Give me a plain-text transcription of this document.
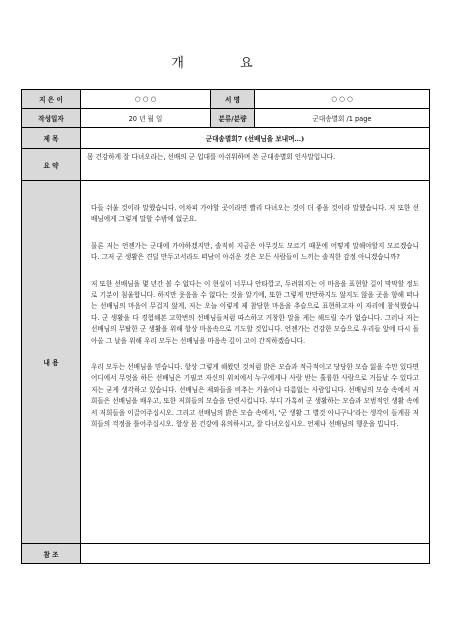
개 요
지 은 이	○ ○ ○	서 명	○ ○ ○
작성일자	20 년 월 일	분류/분량	군대송별회 /1 page
제 목	군대송별회7 (선배님을 보내며…)		
요 약	몸 건강하게 잘 다녀오라는, 선배의 군 입대를 아쉬워하며 쓴 군대송별회 인사말입니다.		
내 용	다들 쉬울 것이라 말했습니다. 어차피 가야할 곳이라면 빨리 다녀오는 것이 더 좋을 것이라 말했습니다. 저 또한 선배님에게 그렇게 말할 수밖에 없군요.

물론 저는 언젠가는 군대에 가야하겠지만, 솔직히 지금은 아무것도 모르기 때문에 어떻게 말해야할지 모르겠습니다. 그저 군 생활은 견딜 만두고서라도 떠남이 아쉬운 것은 모든 사람들이 느끼는 솔직한 감정 아니겠습니까?

저 또한 선배님을 몇 년간 볼 수 없다는 이 현실이 너무나 안타깝고, 두려워지는 이 마음을 표현할 길이 막막할 정도로 기분이 침울합니다. 하지만 웃음을 수 없다는 것을 알기에, 또한 그렇게 만만하지도 않지도 않을 곳을 향해 떠나는 선배님의 마음이 무겁지 않게, 저는 오늘 이렇게 제 참담한 마음을 추슬으로 표현하고자 이 자리에 참석했습니다. 군 생활을 다 경험해본 고학번의 선배님들처럼 따스하고 거창한 말을 게는 해드릴 수가 없습니다. 그러나 저는 선배님의 무탈한 군 생활을 위해 항상 마음속으로 기도할 것입니다. 언젠가는 건강한 모습으로 우리들 앞에 다시 돌아올 그 날을 위해 우리 모두는 선배님을 마음속 깊이 고이 간직하겠습니다.

우리 모두는 선배님을 믿습니다. 항상 그렇게 해왔던 것처럼 밝은 모습과 적극적이고 당당한 모습 잃을 수만 있다면 어디에서 무엇을 하든 선배님은 기필코 자신의 위치에서 누구에게나 사랑 받는 훌륭한 사람으로 거듭날 수 있다고 저는 굳게 생각하고 있습니다. 선배님은 제와들을 비추는 거울이나 다름없는 사람입니다. 선배님의 모습 속에서 저희들은 선배님을 배우고, 또한 저희들의 모습을 단련시킵니다. 부디 가혹히 군 생활하는 모습과 모범적인 생활 속에서 저희들을 이끌어주십시오. 그리고 선배님의 밝은 모습 속에서, '군 생활 그 별것 아니구나'라는 생각이 들게끔 저희들의 걱정을 틀어주십시오. 항상 몸 건강에 유의하시고, 잘 다녀오십시오. 언제나 선배님의 행운을 빕니다.		

참 조			
